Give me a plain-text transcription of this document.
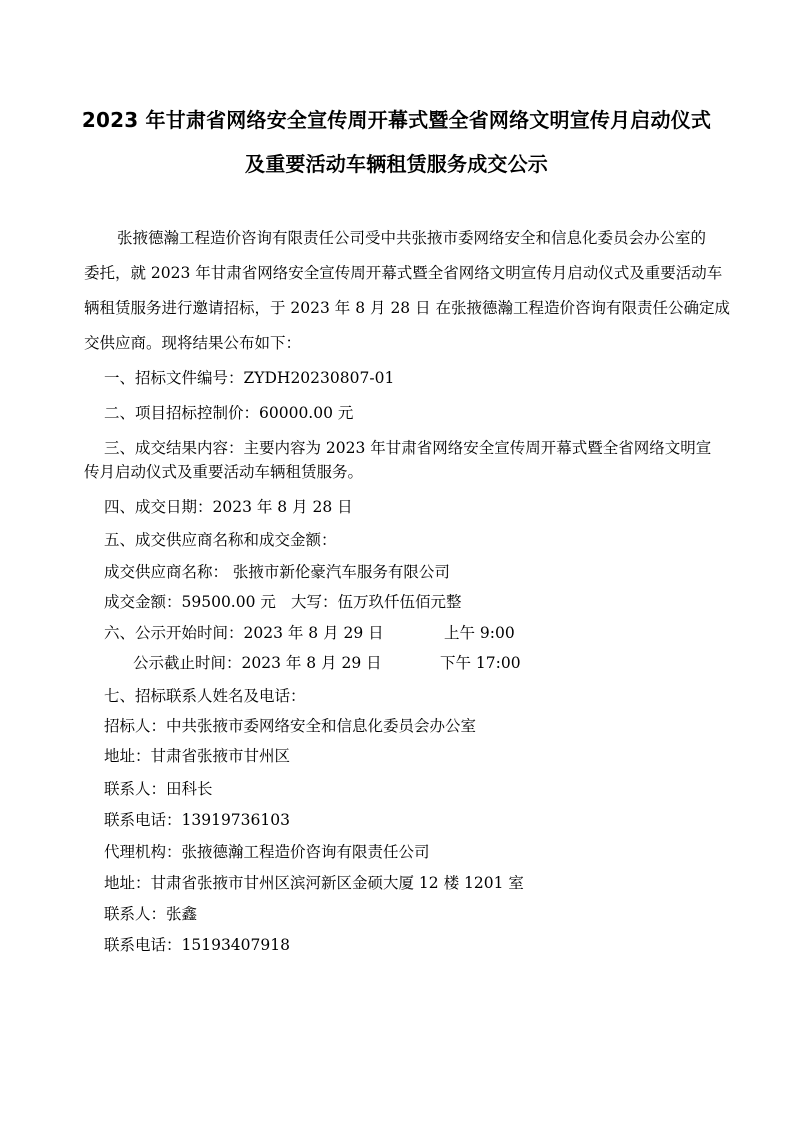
2023 年甘肃省网络安全宣传周开幕式暨全省网络文明宣传月启动仪式
及重要活动车辆租赁服务成交公示
张掖德瀚工程造价咨询有限责任公司受中共张掖市委网络安全和信息化委员会办公室的
委托，就 2023 年甘肃省网络安全宣传周开幕式暨全省网络文明宣传月启动仪式及重要活动车
辆租赁服务进行邀请招标，于 2023 年 8 月 28 日 在张掖德瀚工程造价咨询有限责任公确定成
交供应商。现将结果公布如下：
一、招标文件编号：ZYDH20230807-01
二、项目招标控制价：60000.00 元
三、成交结果内容：主要内容为 2023 年甘肃省网络安全宣传周开幕式暨全省网络文明宣
传月启动仪式及重要活动车辆租赁服务。
四、成交日期：2023 年 8 月 28 日
五、成交供应商名称和成交金额：
成交供应商名称： 张掖市新伦豪汽车服务有限公司
成交金额：59500.00 元 大写：伍万玖仟伍佰元整
六、公示开始时间：2023 年 8 月 29 日	上午 9:00
公示截止时间：2023 年 8 月 29 日	下午 17:00
七、招标联系人姓名及电话：
招标人：中共张掖市委网络安全和信息化委员会办公室
地址：甘肃省张掖市甘州区
联系人：田科长
联系电话：13919736103
代理机构：张掖德瀚工程造价咨询有限责任公司
地址：甘肃省张掖市甘州区滨河新区金硕大厦 12 楼 1201 室
联系人：张鑫
联系电话：15193407918
